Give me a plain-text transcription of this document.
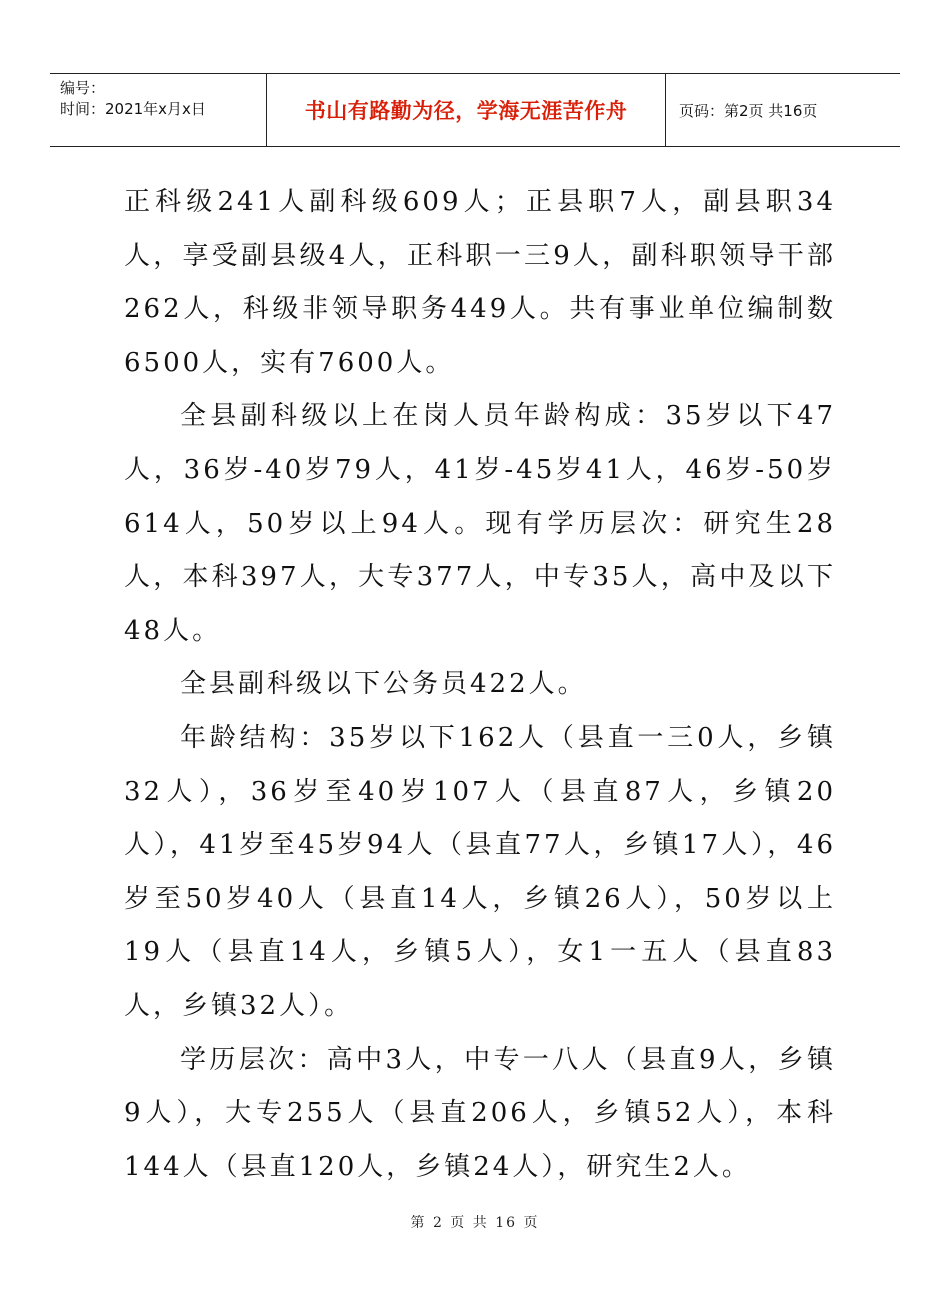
编号：
时间：2021年x月x日	书山有路勤为径，学海无涯苦作舟	页码：第2页 共16页

正科级241人副科级609人；正县职7人，副县职34人，享受副县级4人，正科职一三9人，副科职领导干部262人，科级非领导职务449人。共有事业单位编制数6500人，实有7600人。

全县副科级以上在岗人员年龄构成：35岁以下47人，36岁-40岁79人，41岁-45岁41人，46岁-50岁614人，50岁以上94人。现有学历层次：研究生28人，本科397人，大专377人，中专35人，高中及以下48人。

全县副科级以下公务员422人。

年龄结构：35岁以下162人（县直一三0人，乡镇32人），36岁至40岁107人（县直87人，乡镇20人），41岁至45岁94人（县直77人，乡镇17人），46岁至50岁40人（县直14人，乡镇26人），50岁以上19人（县直14人，乡镇5人），女1一五人（县直83人，乡镇32人）。

学历层次：高中3人，中专一八人（县直9人，乡镇9人），大专255人（县直206人，乡镇52人），本科144人（县直120人，乡镇24人），研究生2人。

第 2 页 共 16 页
